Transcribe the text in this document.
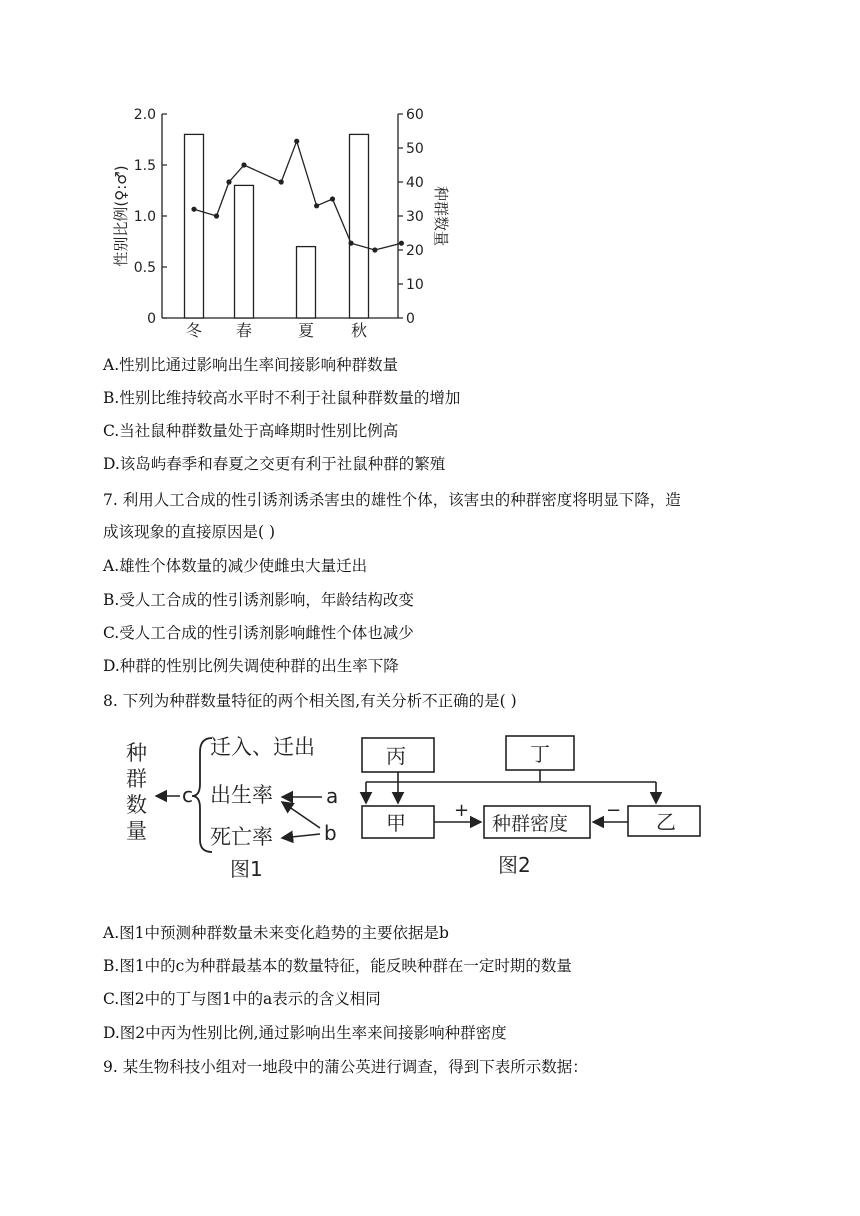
2.0
1.5
1.0
0.5
0
60
50
40
30
20
10
0
冬 春	夏 秋
性别比例(♀:♂)	种群数量
A.性别比通过影响出生率间接影响种群数量
B.性别比维持较高水平时不利于社鼠种群数量的增加
C.当社鼠种群数量处于高峰期时性别比例高
D.该岛屿春季和春夏之交更有利于社鼠种群的繁殖
7. 利用人工合成的性引诱剂诱杀害虫的雄性个体，该害虫的种群密度将明显下降，造
成该现象的直接原因是( )
A.雄性个体数量的减少使雌虫大量迁出
B.受人工合成的性引诱剂影响，年龄结构改变
C.受人工合成的性引诱剂影响雌性个体也减少
D.种群的性别比例失调使种群的出生率下降
8. 下列为种群数量特征的两个相关图,有关分析不正确的是( )
种
群
数
量
c
迁入、迁出
出生率
死亡率
a
b
图1
丙	丁
甲	种群密度	乙
+	−
图2
A.图1中预测种群数量未来变化趋势的主要依据是b
B.图1中的c为种群最基本的数量特征，能反映种群在一定时期的数量
C.图2中的丁与图1中的a表示的含义相同
D.图2中丙为性别比例,通过影响出生率来间接影响种群密度
9. 某生物科技小组对一地段中的蒲公英进行调查，得到下表所示数据：
